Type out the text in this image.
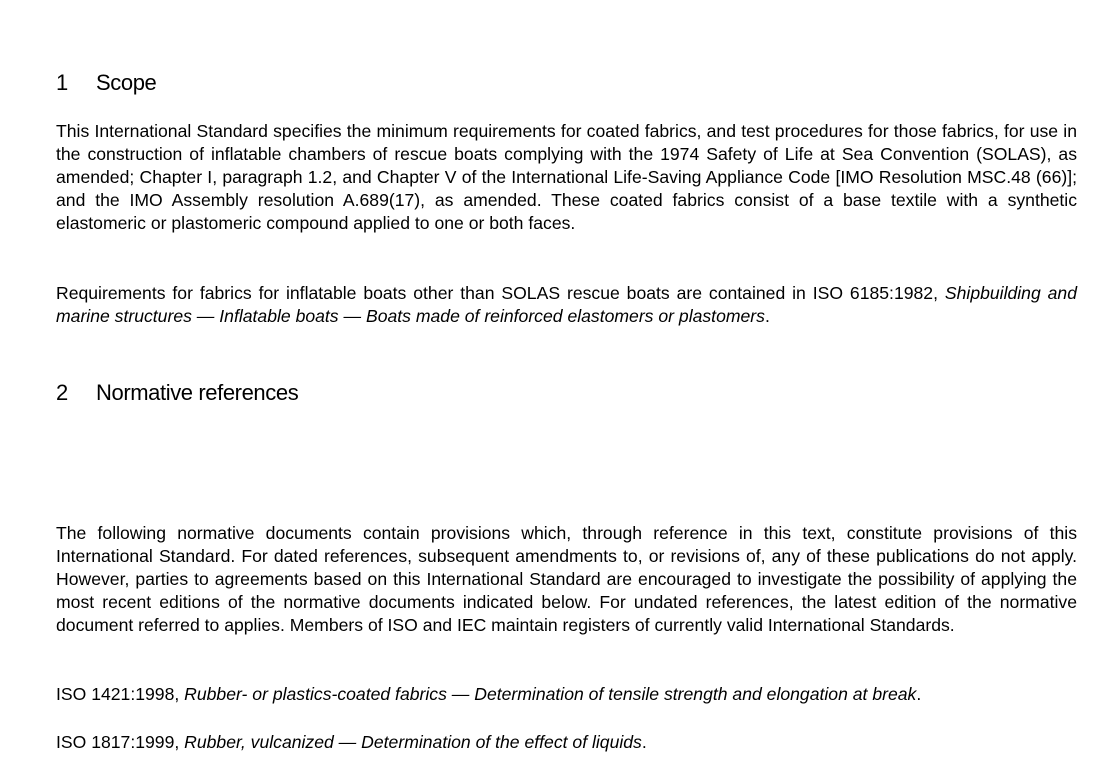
1 Scope

This International Standard specifies the minimum requirements for coated fabrics, and test procedures for those fabrics, for use in the construction of inflatable chambers of rescue boats complying with the 1974 Safety of Life at Sea Convention (SOLAS), as amended; Chapter I, paragraph 1.2, and Chapter V of the International Life-Saving Appliance Code [IMO Resolution MSC.48 (66)]; and the IMO Assembly resolution A.689(17), as amended. These coated fabrics consist of a base textile with a synthetic elastomeric or plastomeric compound applied to one or both faces.

Requirements for fabrics for inflatable boats other than SOLAS rescue boats are contained in ISO 6185:1982, Shipbuilding and marine structures — Inflatable boats — Boats made of reinforced elastomers or plastomers.

2 Normative references

The following normative documents contain provisions which, through reference in this text, constitute provisions of this International Standard. For dated references, subsequent amendments to, or revisions of, any of these publications do not apply. However, parties to agreements based on this International Standard are encouraged to investigate the possibility of applying the most recent editions of the normative documents indicated below. For undated references, the latest edition of the normative document referred to applies. Members of ISO and IEC maintain registers of currently valid International Standards.

ISO 1421:1998, Rubber- or plastics-coated fabrics — Determination of tensile strength and elongation at break.

ISO 1817:1999, Rubber, vulcanized — Determination of the effect of liquids.
